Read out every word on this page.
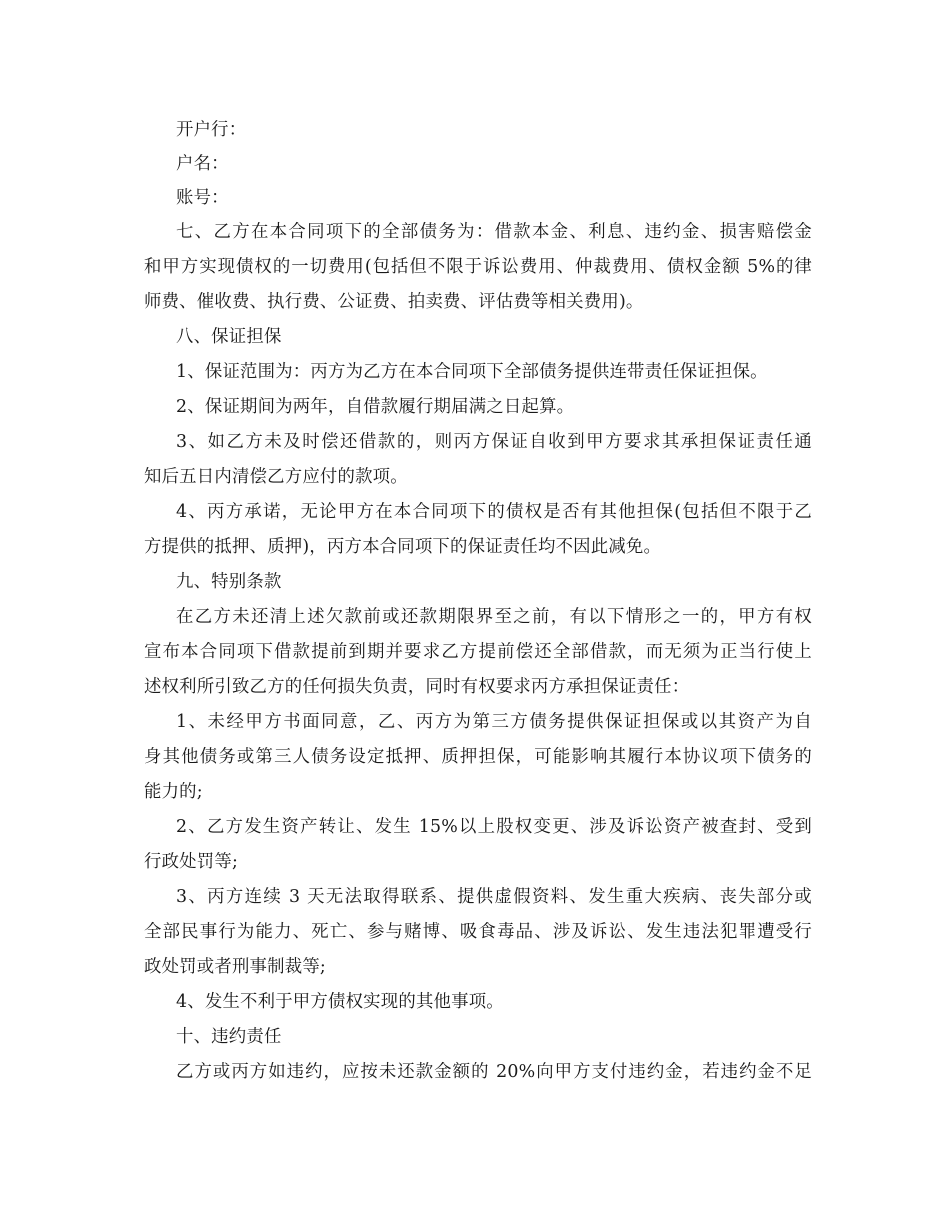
开户行：
户名：
账号：
七、乙方在本合同项下的全部债务为：借款本金、利息、违约金、损害赔偿金
和甲方实现债权的一切费用(包括但不限于诉讼费用、仲裁费用、债权金额 5%的律
师费、催收费、执行费、公证费、拍卖费、评估费等相关费用)。
八、保证担保
1、保证范围为：丙方为乙方在本合同项下全部债务提供连带责任保证担保。
2、保证期间为两年，自借款履行期届满之日起算。
3、如乙方未及时偿还借款的，则丙方保证自收到甲方要求其承担保证责任通
知后五日内清偿乙方应付的款项。
4、丙方承诺，无论甲方在本合同项下的债权是否有其他担保(包括但不限于乙
方提供的抵押、质押)，丙方本合同项下的保证责任均不因此减免。
九、特别条款
在乙方未还清上述欠款前或还款期限界至之前，有以下情形之一的，甲方有权
宣布本合同项下借款提前到期并要求乙方提前偿还全部借款，而无须为正当行使上
述权利所引致乙方的任何损失负责，同时有权要求丙方承担保证责任：
1、未经甲方书面同意，乙、丙方为第三方债务提供保证担保或以其资产为自
身其他债务或第三人债务设定抵押、质押担保，可能影响其履行本协议项下债务的
能力的;
2、乙方发生资产转让、发生 15%以上股权变更、涉及诉讼资产被查封、受到
行政处罚等;
3、丙方连续 3 天无法取得联系、提供虚假资料、发生重大疾病、丧失部分或
全部民事行为能力、死亡、参与赌博、吸食毒品、涉及诉讼、发生违法犯罪遭受行
政处罚或者刑事制裁等;
4、发生不利于甲方债权实现的其他事项。
十、违约责任
乙方或丙方如违约，应按未还款金额的 20%向甲方支付违约金，若违约金不足
